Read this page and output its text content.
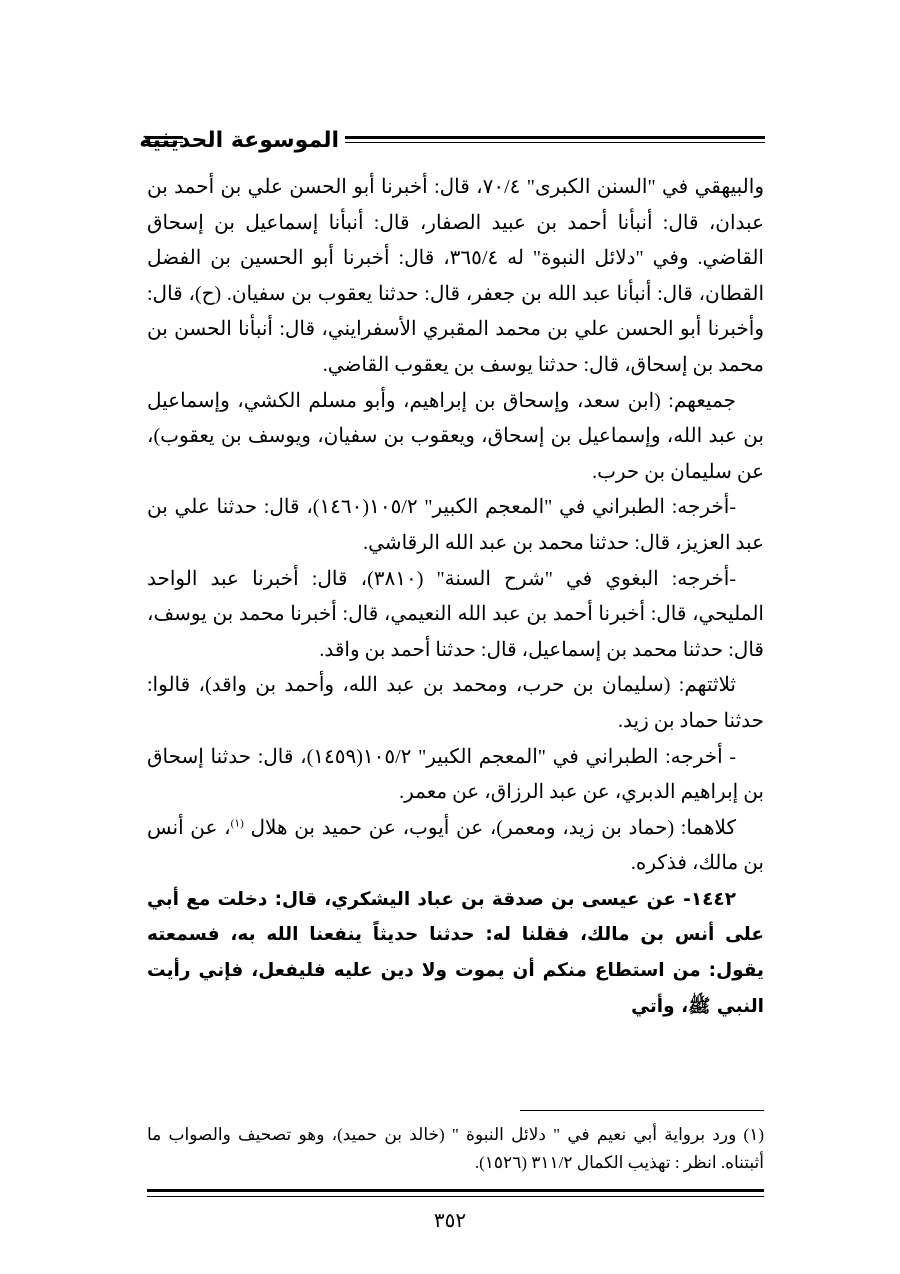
الموسوعة الحديثية

والبيهقي في "السنن الكبرى" ٧٠/٤، قال: أخبرنا أبو الحسن علي بن أحمد بن عبدان، قال: أنبأنا أحمد بن عبيد الصفار، قال: أنبأنا إسماعيل بن إسحاق القاضي. وفي "دلائل النبوة" له ٣٦٥/٤، قال: أخبرنا أبو الحسين بن الفضل القطان، قال: أنبأنا عبد الله بن جعفر، قال: حدثنا يعقوب بن سفيان. (ح)، قال: وأخبرنا أبو الحسن علي بن محمد المقبري الأسفرايني، قال: أنبأنا الحسن بن محمد بن إسحاق، قال: حدثنا يوسف بن يعقوب القاضي.

جميعهم: (ابن سعد، وإسحاق بن إبراهيم، وأبو مسلم الكشي، وإسماعيل بن عبد الله، وإسماعيل بن إسحاق، ويعقوب بن سفيان، ويوسف بن يعقوب)، عن سليمان بن حرب.

-أخرجه: الطبراني في "المعجم الكبير" ١٠٥/٢(١٤٦٠)، قال: حدثنا علي بن عبد العزيز، قال: حدثنا محمد بن عبد الله الرقاشي.

-أخرجه: البغوي في "شرح السنة" (٣٨١٠)، قال: أخبرنا عبد الواحد المليحي، قال: أخبرنا أحمد بن عبد الله النعيمي، قال: أخبرنا محمد بن يوسف، قال: حدثنا محمد بن إسماعيل، قال: حدثنا أحمد بن واقد.

ثلاثتهم: (سليمان بن حرب، ومحمد بن عبد الله، وأحمد بن واقد)، قالوا: حدثنا حماد بن زيد.

- أخرجه: الطبراني في "المعجم الكبير" ١٠٥/٢(١٤٥٩)، قال: حدثنا إسحاق بن إبراهيم الدبري، عن عبد الرزاق، عن معمر.

كلاهما: (حماد بن زيد، ومعمر)، عن أيوب، عن حميد بن هلال $^{(١)}$، عن أنس بن مالك، فذكره.

١٤٤٢- عن عيسى بن صدقة بن عباد اليشكري، قال: دخلت مع أبي على أنس بن مالك، فقلنا له: حدثنا حديثاً ينفعنا الله به، فسمعته يقول: من استطاع منكم أن يموت ولا دين عليه فليفعل، فإني رأيت النبي ﷺ، وأتي

(١) ورد برواية أبي نعيم في " دلائل النبوة " (خالد بن حميد)، وهو تصحيف والصواب ما أثبتناه. انظر : تهذيب الكمال ٣١١/٢ (١٥٢٦).

٣٥٢
